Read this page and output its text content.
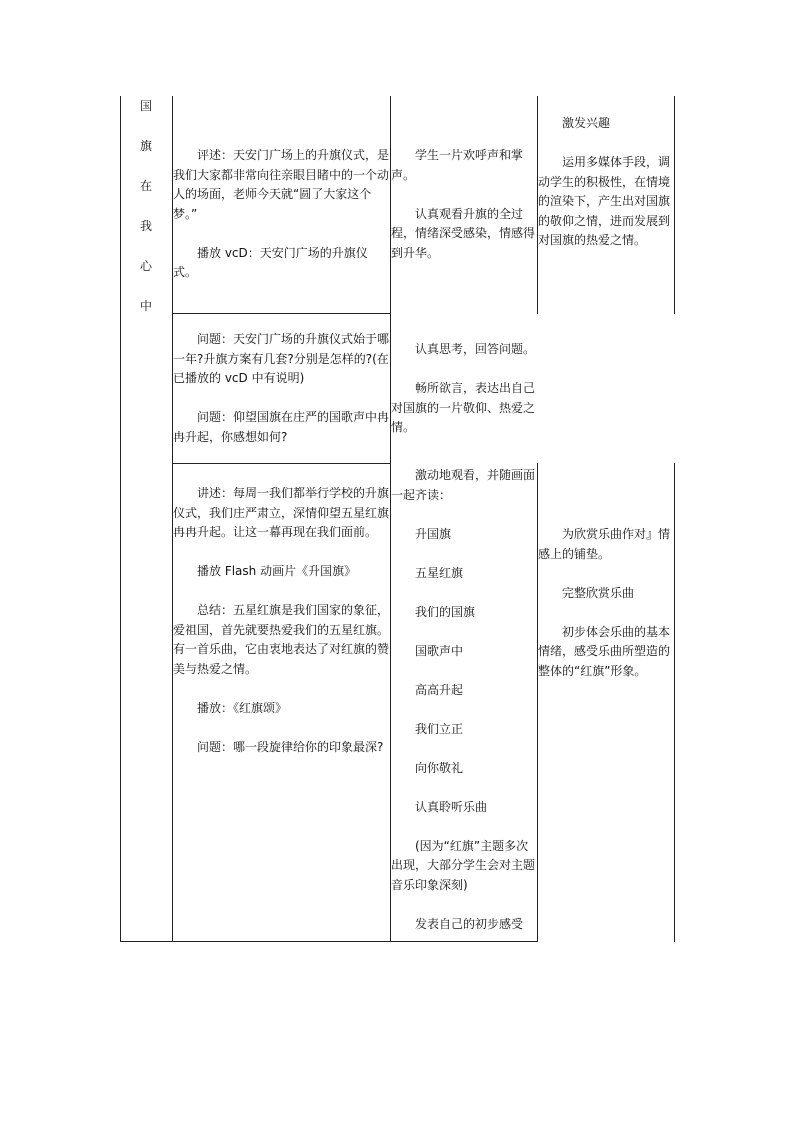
国
旗
在
我
心
中

评述：天安门广场上的升旗仪式，是我们大家都非常向往亲眼目睹中的一个动人的场面，老师今天就“圆了大家这个梦。”

播放 vcD：天安门广场的升旗仪式。

学生一片欢呼声和掌声。

认真观看升旗的全过程，情绪深受感染，情感得到升华。

激发兴趣

运用多媒体手段，调动学生的积极性，在情境的渲染下，产生出对国旗的敬仰之情，进而发展到对国旗的热爱之情。

问题：天安门广场的升旗仪式始于哪一年?升旗方案有几套?分别是怎样的?(在已播放的 vcD 中有说明)

问题：仰望国旗在庄严的国歌声中冉冉升起，你感想如何?

认真思考，回答问题。

畅所欲言，表达出自己对国旗的一片敬仰、热爱之情。

讲述：每周一我们都举行学校的升旗仪式，我们庄严肃立，深情仰望五星红旗冉冉升起。让这一幕再现在我们面前。

播放 Flash 动画片《升国旗》

总结：五星红旗是我们国家的象征，爱祖国，首先就要热爱我们的五星红旗。有一首乐曲，它由衷地表达了对红旗的赞美与热爱之情。

播放：《红旗颂》

问题：哪一段旋律给你的印象最深?

激动地观看，并随画面一起齐读：

升国旗

五星红旗

我们的国旗

国歌声中

高高升起

我们立正

向你敬礼

认真聆听乐曲

(因为“红旗”主题多次出现，大部分学生会对主题音乐印象深刻)

发表自己的初步感受

为欣赏乐曲作对』情感上的铺垫。

完整欣赏乐曲

初步体会乐曲的基本情绪，感受乐曲所塑造的整体的“红旗”形象。
